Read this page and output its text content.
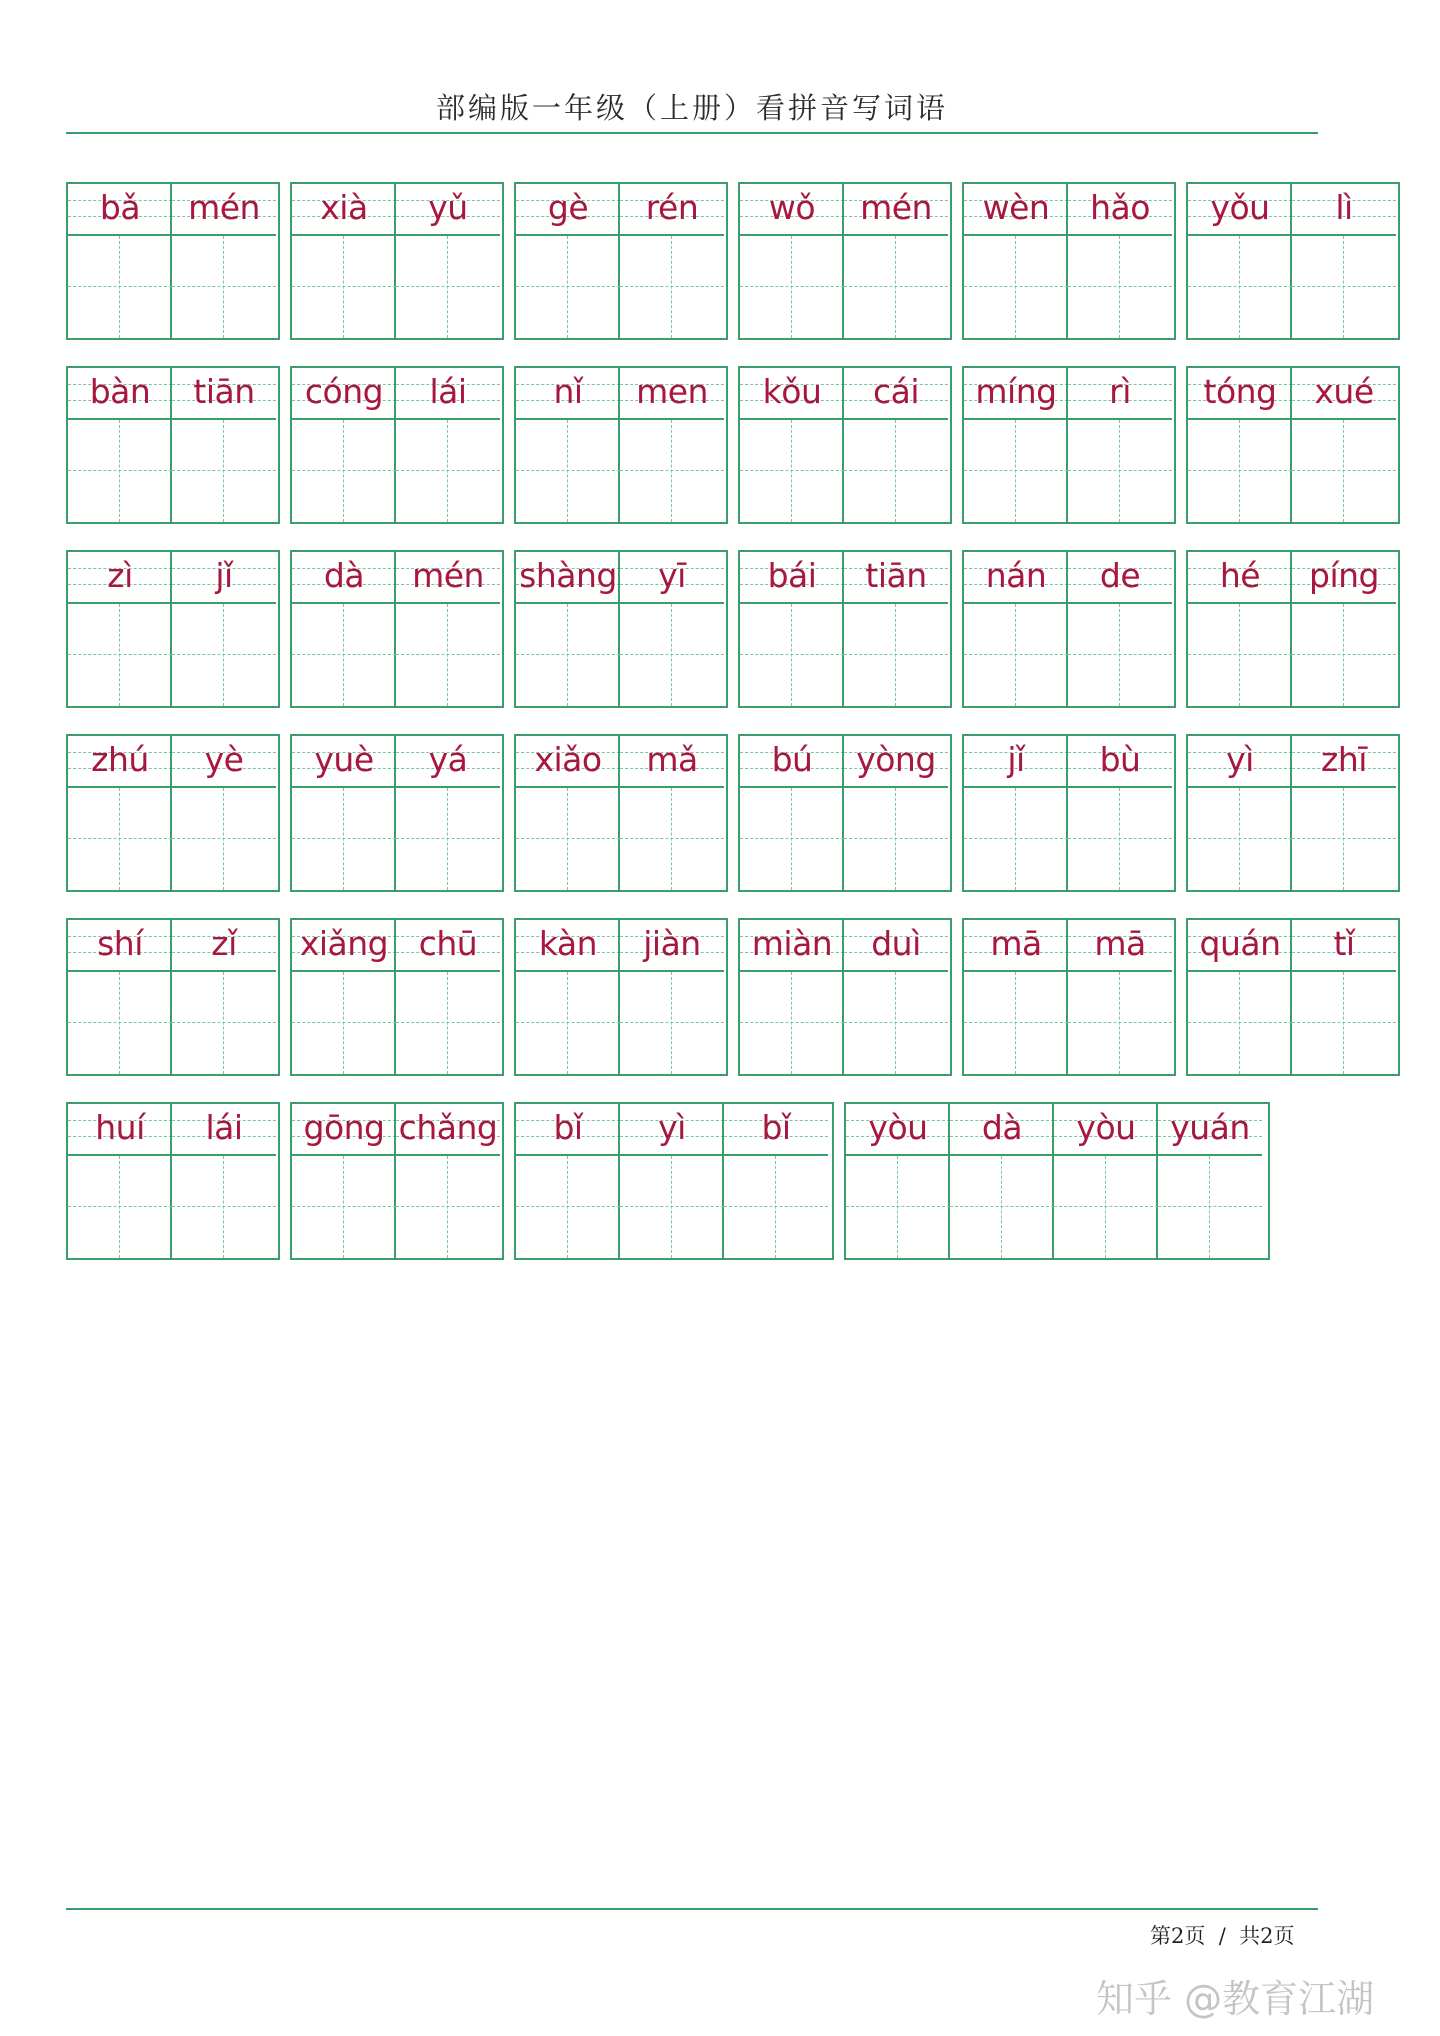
部编版一年级（上册）看拼音写词语
bǎ	mén	xià	yǔ	gè	rén	wǒ	mén	wèn	hǎo	yǒu	lì
bàn	tiān	cóng	lái	nǐ	men	kǒu	cái	míng	rì	tóng	xué
zì	jǐ	dà	mén	shàng	yī	bái	tiān	nán	de	hé	píng
zhú	yè	yuè	yá	xiǎo	mǎ	bú	yòng	jǐ	bù	yì	zhī
shí	zǐ	xiǎng chū	kàn	jiàn	miàn	duì	mā	mā	quán	tǐ
huí	lái	gōng chǎng	bǐ	yì	bǐ	yòu	dà	yòu	yuán
第2页  /  共2页
知乎 @教育江湖
